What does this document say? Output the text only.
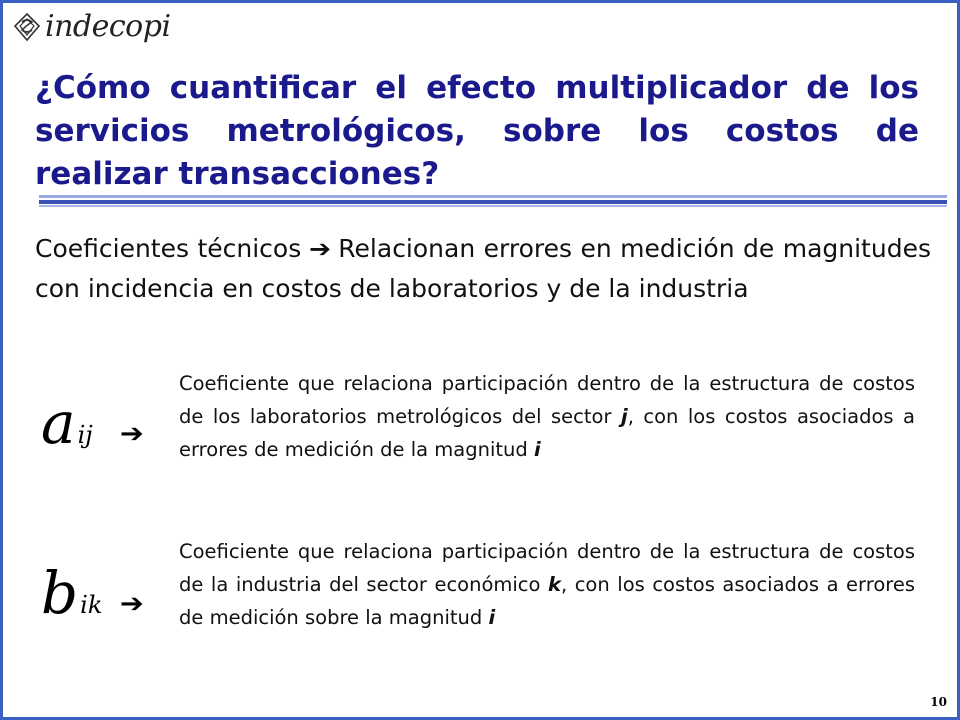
indecopi
¿Cómo cuantificar el efecto multiplicador de los servicios metrológicos, sobre los costos de realizar transacciones?

Coeficientes técnicos ➔ Relacionan errores en medición de magnitudes con incidencia en costos de laboratorios y de la industria

aij ➔

Coeficiente que relaciona participación dentro de la estructura de costos de los laboratorios metrológicos del sector j, con los costos asociados a errores de medición de la magnitud i

bik ➔

Coeficiente que relaciona participación dentro de la estructura de costos de la industria del sector económico k, con los costos asociados a errores de medición sobre la magnitud i

10
